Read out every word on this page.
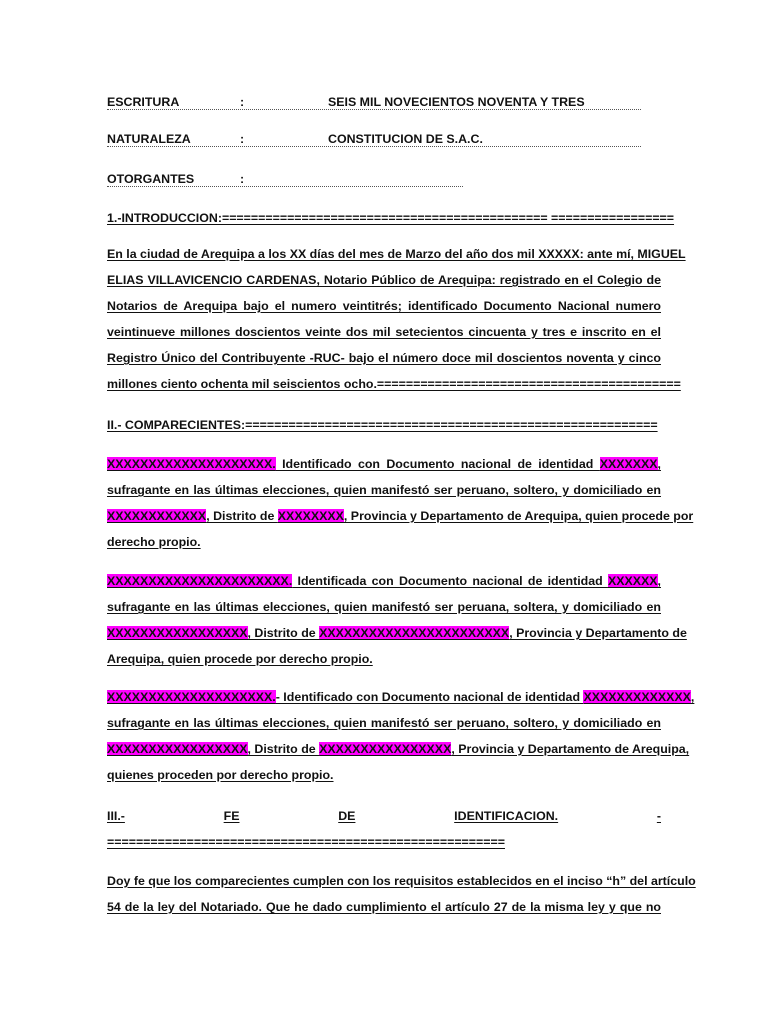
ESCRITURA	:	SEIS MIL NOVECIENTOS NOVENTA Y TRES
NATURALEZA	:	CONSTITUCION DE S.A.C.
OTORGANTES	:
1.-INTRODUCCION:============================================= =================
En la ciudad de Arequipa a los XX días del mes de Marzo del año dos mil XXXXX: ante mí, MIGUEL
ELIAS VILLAVICENCIO CARDENAS, Notario Público de Arequipa: registrado en el Colegio de
Notarios de Arequipa bajo el numero veintitrés; identificado Documento Nacional numero
veintinueve millones doscientos veinte dos mil setecientos cincuenta y tres e inscrito en el
Registro Único del Contribuyente -RUC- bajo el número doce mil doscientos noventa y cinco
millones ciento ochenta mil seiscientos ocho.==========================================
II.- COMPARECIENTES:=========================================================
XXXXXXXXXXXXXXXXXXXX. Identificado con Documento nacional de identidad XXXXXXX,
sufragante en las últimas elecciones, quien manifestó ser peruano, soltero, y domiciliado en
XXXXXXXXXXXX, Distrito de XXXXXXXX, Provincia y Departamento de Arequipa, quien procede por
derecho propio.
XXXXXXXXXXXXXXXXXXXXXX. Identificada con Documento nacional de identidad XXXXXX,
sufragante en las últimas elecciones, quien manifestó ser peruana, soltera, y domiciliado en
XXXXXXXXXXXXXXXXX, Distrito de XXXXXXXXXXXXXXXXXXXXXXX, Provincia y Departamento de
Arequipa, quien procede por derecho propio.
XXXXXXXXXXXXXXXXXXXX.- Identificado con Documento nacional de identidad XXXXXXXXXXXXX,
sufragante en las últimas elecciones, quien manifestó ser peruano, soltero, y domiciliado en
XXXXXXXXXXXXXXXXX, Distrito de XXXXXXXXXXXXXXXX, Provincia y Departamento de Arequipa,
quienes proceden por derecho propio.
III.-	FE	DE	IDENTIFICACION.	-
=======================================================
Doy fe que los comparecientes cumplen con los requisitos establecidos en el inciso “h” del artículo
54 de la ley del Notariado. Que he dado cumplimiento el artículo 27 de la misma ley y que no
